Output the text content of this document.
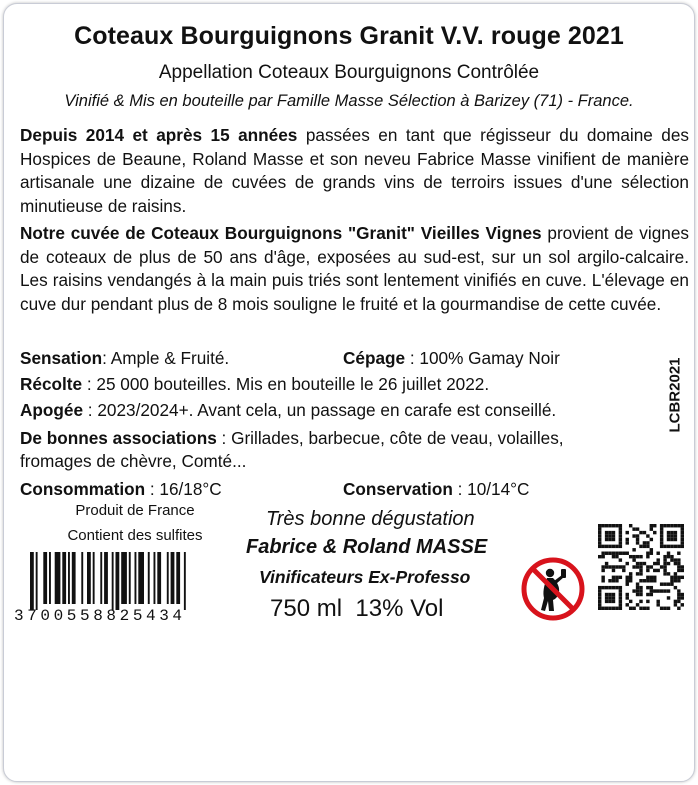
Coteaux Bourguignons Granit V.V. rouge 2021
Appellation Coteaux Bourguignons Contrôlée
Vinifié & Mis en bouteille par Famille Masse Sélection à Barizey (71) - France.
Depuis 2014 et après 15 années passées en tant que régisseur du domaine des Hospices de Beaune, Roland Masse et son neveu Fabrice Masse vinifient de manière artisanale une dizaine de cuvées de grands vins de terroirs issues d'une sélection minutieuse de raisins.
Notre cuvée de Coteaux Bourguignons "Granit" Vieilles Vignes provient de vignes de coteaux de plus de 50 ans d'âge, exposées au sud-est, sur un sol argilo-calcaire. Les raisins vendangés à la main puis triés sont lentement vinifiés en cuve. L'élevage en cuve dur pendant plus de 8 mois souligne le fruité et la gourmandise de cette cuvée.
Sensation: Ample & Fruité.	Cépage : 100% Gamay Noir
Récolte : 25 000 bouteilles. Mis en bouteille le 26 juillet 2022.
Apogée : 2023/2024+. Avant cela, un passage en carafe est conseillé.
De bonnes associations : Grillades, barbecue, côte de veau, volailles,
fromages de chèvre, Comté...
Consommation : 16/18°C	Conservation : 10/14°C
LCBR2021
Produit de France
Contient des sulfites
3700558825434
Très bonne dégustation
Fabrice & Roland MASSE
Vinificateurs Ex-Professo
750 ml  13% Vol
